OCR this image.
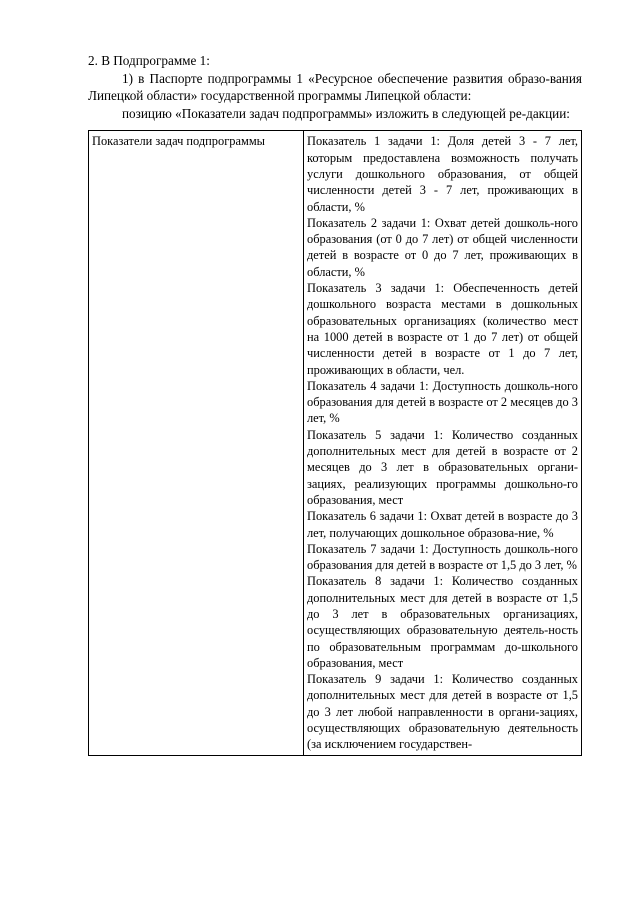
2. В Подпрограмме 1:

1) в Паспорте подпрограммы 1 «Ресурсное обеспечение развития образо-вания Липецкой области» государственной программы Липецкой области:

позицию «Показатели задач подпрограммы» изложить в следующей ре-дакции:

Показатели задач подпрограммы	Показатель 1 задачи 1: Доля детей 3 - 7 лет, которым предоставлена возможность получать услуги дошкольного образования, от общей численности детей 3 - 7 лет, проживающих в области, %

Показатель 2 задачи 1: Охват детей дошколь-ного образования (от 0 до 7 лет) от общей численности детей в возрасте от 0 до 7 лет, проживающих в области, %

Показатель 3 задачи 1: Обеспеченность детей дошкольного возраста местами в дошкольных образовательных организациях (количество мест на 1000 детей в возрасте от 1 до 7 лет) от общей численности детей в возрасте от 1 до 7 лет, проживающих в области, чел.

Показатель 4 задачи 1: Доступность дошколь-ного образования для детей в возрасте от 2 месяцев до 3 лет, %

Показатель 5 задачи 1: Количество созданных дополнительных мест для детей в возрасте от 2 месяцев до 3 лет в образовательных органи-зациях, реализующих программы дошкольно-го образования, мест

Показатель 6 задачи 1: Охват детей в возрасте до 3 лет, получающих дошкольное образова-ние, %

Показатель 7 задачи 1: Доступность дошколь-ного образования для детей в возрасте от 1,5 до 3 лет, %

Показатель 8 задачи 1: Количество созданных дополнительных мест для детей в возрасте от 1,5 до 3 лет в образовательных организациях, осуществляющих образовательную деятель-ность по образовательным программам до-школьного образования, мест

Показатель 9 задачи 1: Количество созданных дополнительных мест для детей в возрасте от 1,5 до 3 лет любой направленности в органи-зациях, осуществляющих образовательную деятельность (за исключением государствен-
